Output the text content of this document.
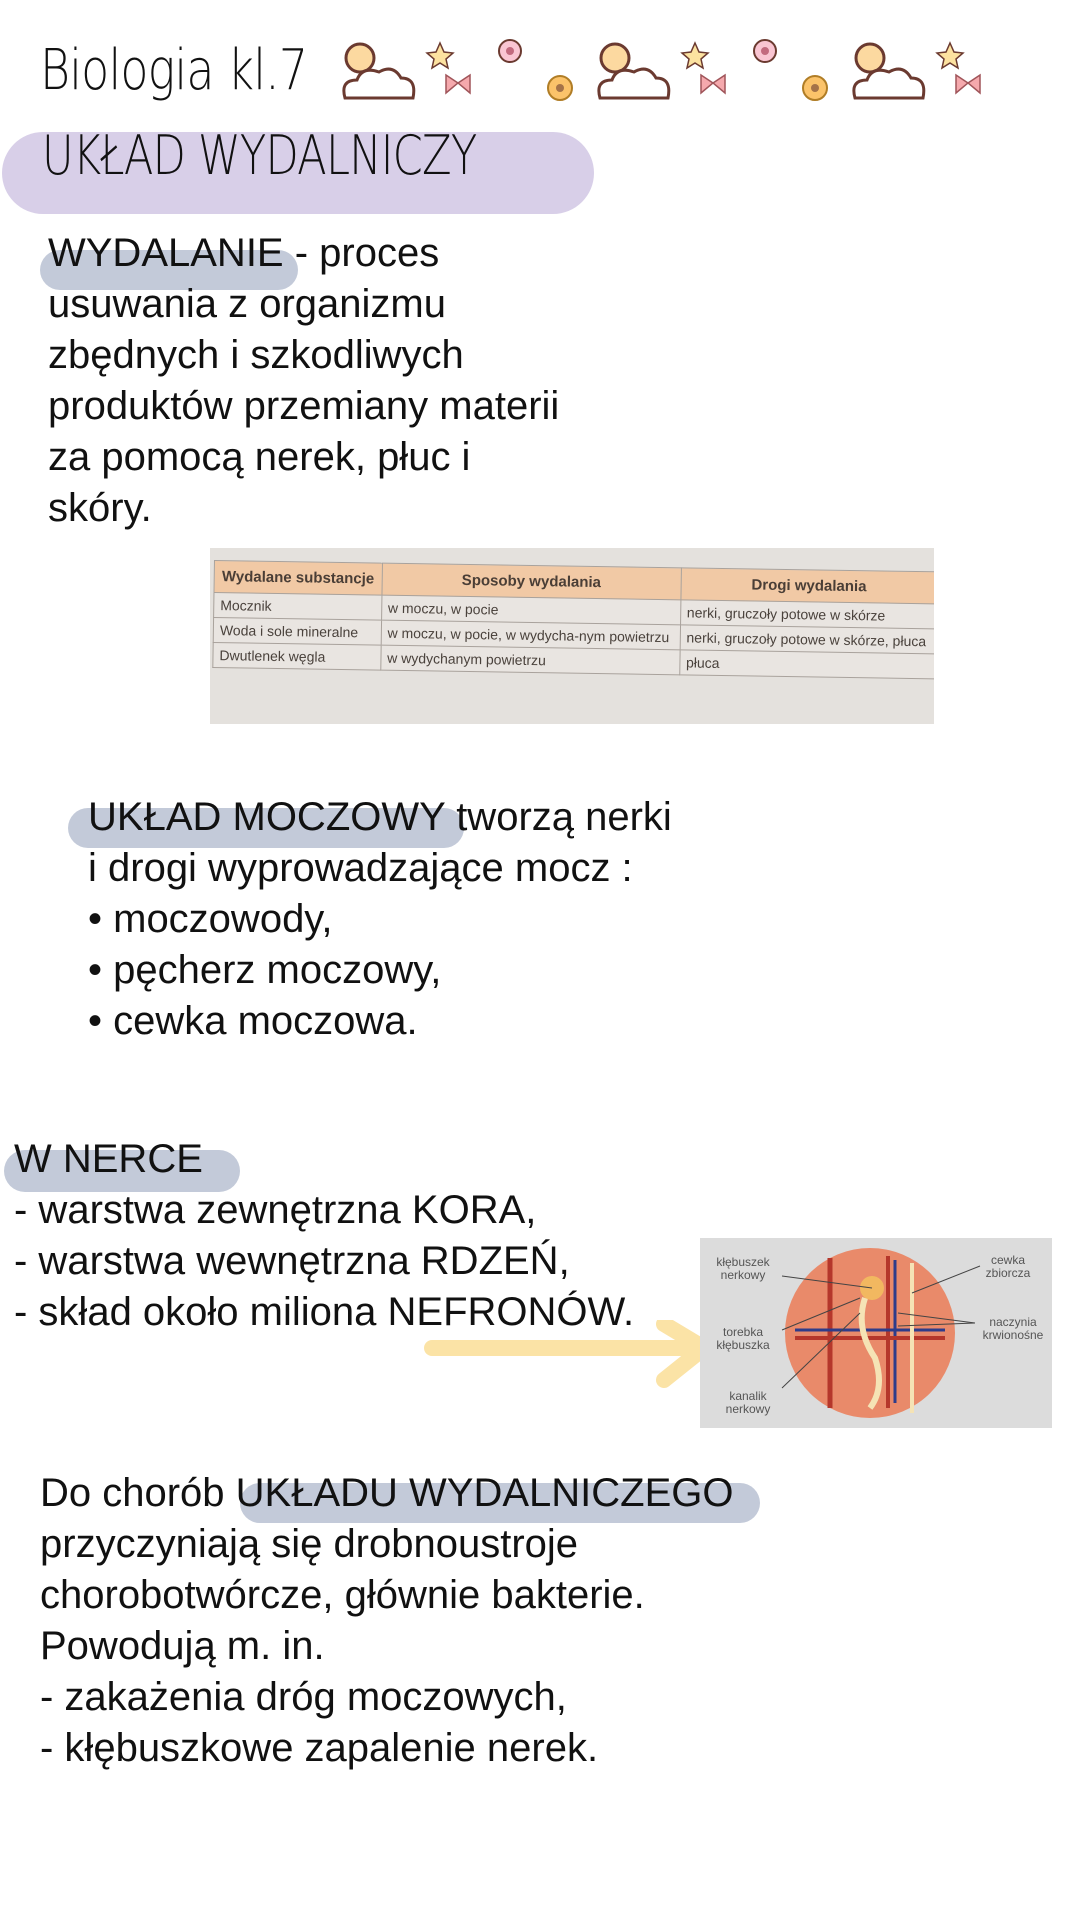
Biologia kl.7
UKŁAD WYDALNICZY
WYDALANIE - proces
usuwania z organizmu
zbędnych i szkodliwych
produktów przemiany materii
za pomocą nerek, płuc i
skóry.
Wydalane substancje	Sposoby wydalania	Drogi wydalania
Mocznik	w moczu, w pocie	nerki, gruczoły potowe w skórze
Woda i sole mineralne	w moczu, w pocie, w wydycha-nym powietrzu	nerki, gruczoły potowe w skórze, płuca
Dwutlenek węgla	w wydychanym powietrzu	płuca
UKŁAD MOCZOWY tworzą nerki
i drogi wyprowadzające mocz :
• moczowody,
• pęcherz moczowy,
• cewka moczowa.
W NERCE
- warstwa zewnętrzna KORA,
- warstwa wewnętrzna RDZEŃ,
- skład około miliona NEFRONÓW.
kłębuszek nerkowy
torebka kłębuszka
kanalik nerkowy
cewka zbiorcza
naczynia krwionośne
Do chorób UKŁADU WYDALNICZEGO
przyczyniają się drobnoustroje
chorobotwórcze, głównie bakterie.
Powodują m. in.
- zakażenia dróg moczowych,
- kłębuszkowe zapalenie nerek.
